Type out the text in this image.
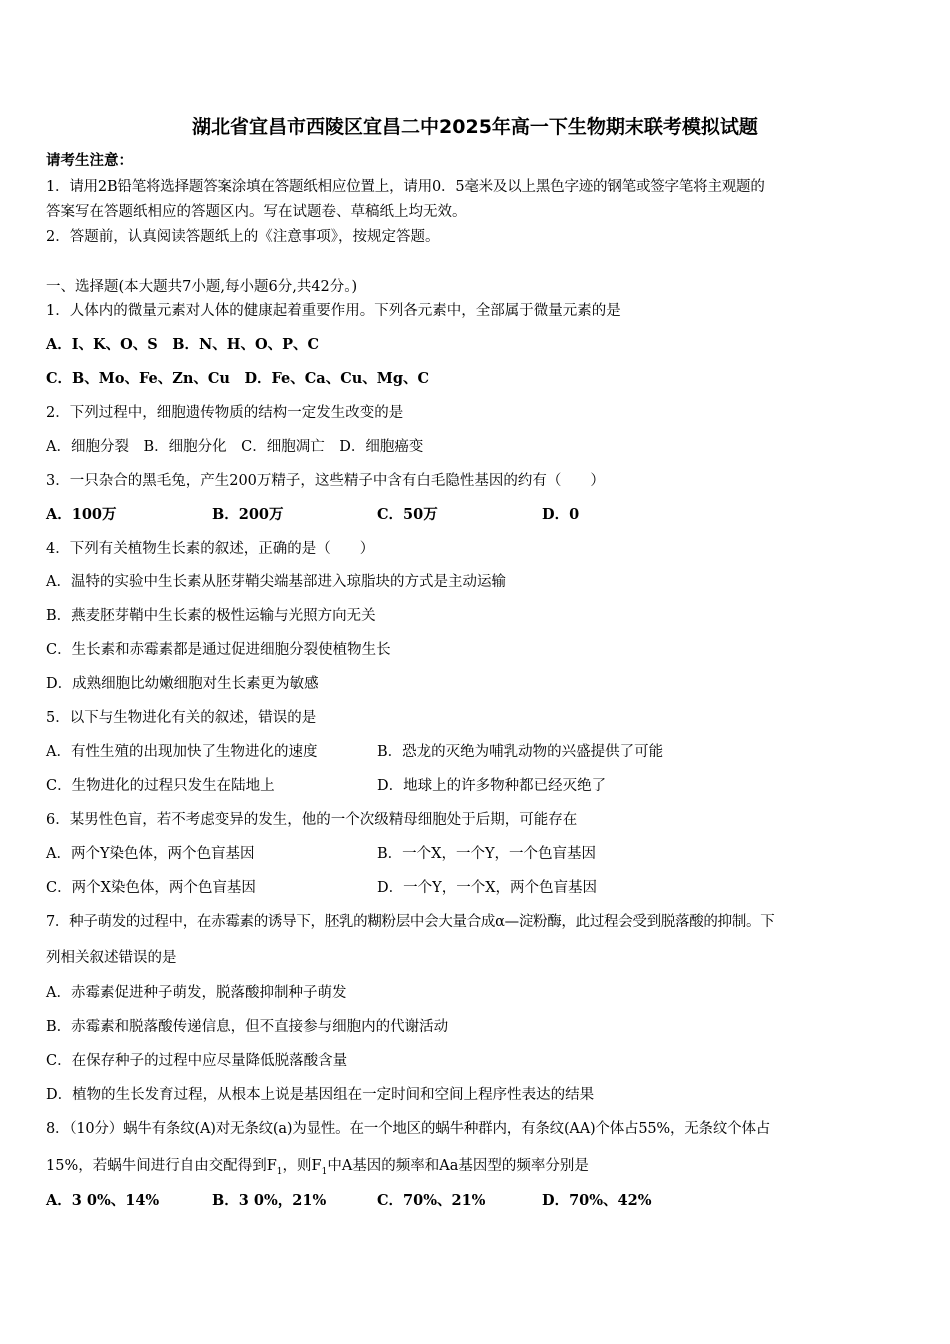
湖北省宜昌市西陵区宜昌二中2025年高一下生物期末联考模拟试题
请考生注意：
1．请用2B铅笔将选择题答案涂填在答题纸相应位置上，请用0．5毫米及以上黑色字迹的钢笔或签字笔将主观题的
答案写在答题纸相应的答题区内。写在试题卷、草稿纸上均无效。
2．答题前，认真阅读答题纸上的《注意事项》，按规定答题。
一、选择题(本大题共7小题,每小题6分,共42分。)
1．人体内的微量元素对人体的健康起着重要作用。下列各元素中，全部属于微量元素的是
A．I、K、O、S　B．N、H、O、P、C
C．B、Mo、Fe、Zn、Cu　D．Fe、Ca、Cu、Mg、C
2．下列过程中，细胞遗传物质的结构一定发生改变的是
A．细胞分裂　B．细胞分化　C．细胞凋亡　D．细胞癌变
3．一只杂合的黑毛兔，产生200万精子，这些精子中含有白毛隐性基因的约有（　　）
A．100万	B．200万	C．50万	D．0
4．下列有关植物生长素的叙述，正确的是（　　）
A．温特的实验中生长素从胚芽鞘尖端基部进入琼脂块的方式是主动运输
B．燕麦胚芽鞘中生长素的极性运输与光照方向无关
C．生长素和赤霉素都是通过促进细胞分裂使植物生长
D．成熟细胞比幼嫩细胞对生长素更为敏感
5．以下与生物进化有关的叙述，错误的是
A．有性生殖的出现加快了生物进化的速度	B．恐龙的灭绝为哺乳动物的兴盛提供了可能
C．生物进化的过程只发生在陆地上	D．地球上的许多物种都已经灭绝了
6．某男性色盲，若不考虑变异的发生，他的一个次级精母细胞处于后期，可能存在
A．两个Y染色体，两个色盲基因	B．一个X，一个Y，一个色盲基因
C．两个X染色体，两个色盲基因	D．一个Y，一个X，两个色盲基因
7．种子萌发的过程中，在赤霉素的诱导下，胚乳的糊粉层中会大量合成α—淀粉酶，此过程会受到脱落酸的抑制。下
列相关叙述错误的是
A．赤霉素促进种子萌发，脱落酸抑制种子萌发
B．赤霉素和脱落酸传递信息，但不直接参与细胞内的代谢活动
C．在保存种子的过程中应尽量降低脱落酸含量
D．植物的生长发育过程，从根本上说是基因组在一定时间和空间上程序性表达的结果
8．（10分）蜗牛有条纹(A)对无条纹(a)为显性。在一个地区的蜗牛种群内，有条纹(AA)个体占55%，无条纹个体占
15%，若蜗牛间进行自由交配得到$F_1$，则$F_1$中A基因的频率和Aa基因型的频率分别是
A．3 0%、14%	B．3 0%，21%	C．70%、21%	D．70%、42%
